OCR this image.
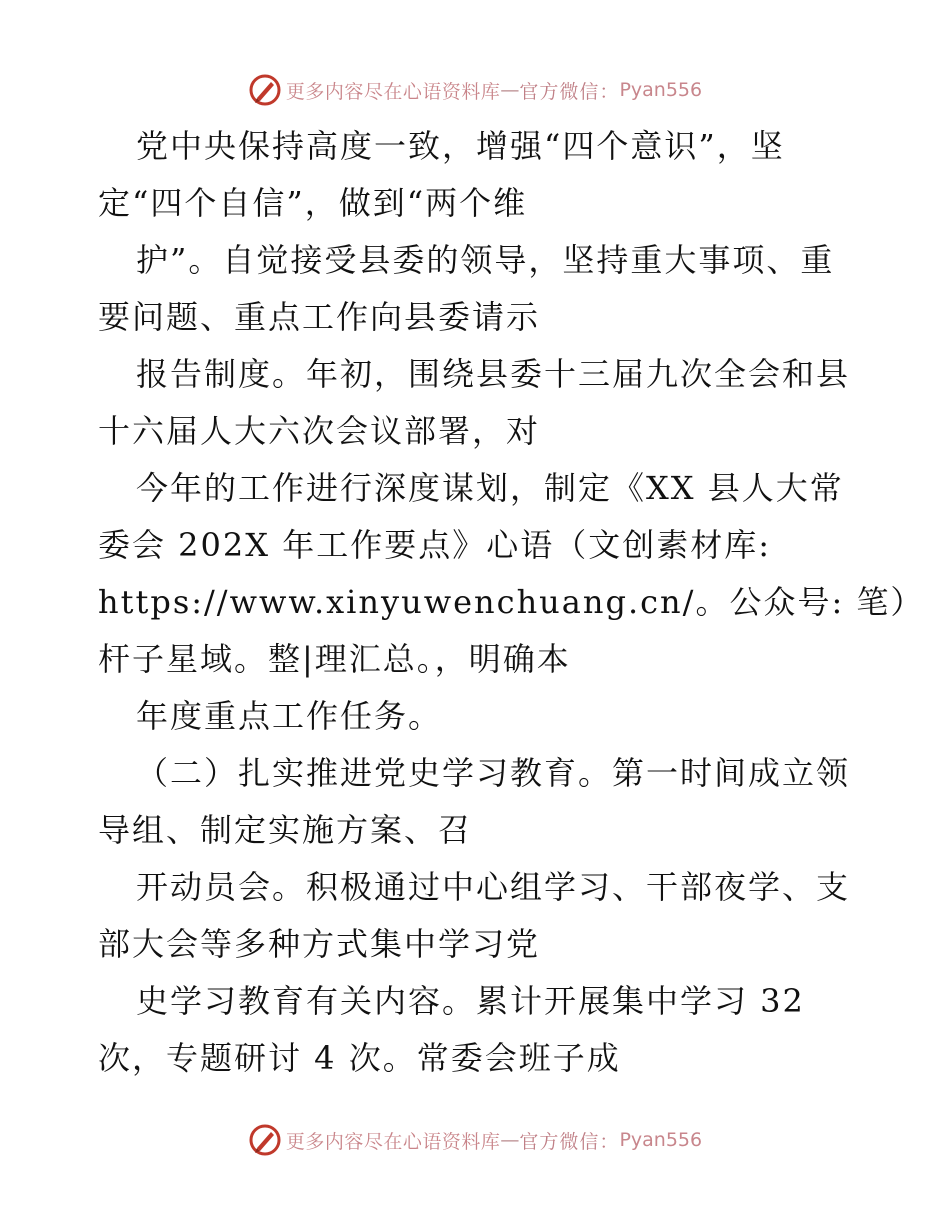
更多内容尽在心语资料库 — 官方微信： Pyan556
党中央保持高度一致，增强“四个意识”，坚
定“四个自信”，做到“两个维
护”。自觉接受县委的领导，坚持重大事项、重
要问题、重点工作向县委请示
报告制度。年初，围绕县委十三届九次全会和县
十六届人大六次会议部署，对
今年的工作进行深度谋划，制定《XX 县人大常
委会 202X 年工作要点》心语（文创素材库:
https://www.xinyuwenchuang.cn/。公众号: 笔）
杆子星域。整|理汇总。，明确本
年度重点工作任务。
（二）扎实推进党史学习教育。第一时间成立领
导组、制定实施方案、召
开动员会。积极通过中心组学习、干部夜学、支
部大会等多种方式集中学习党
史学习教育有关内容。累计开展集中学习 32
次，专题研讨 4 次。常委会班子成
更多内容尽在心语资料库 — 官方微信： Pyan556
